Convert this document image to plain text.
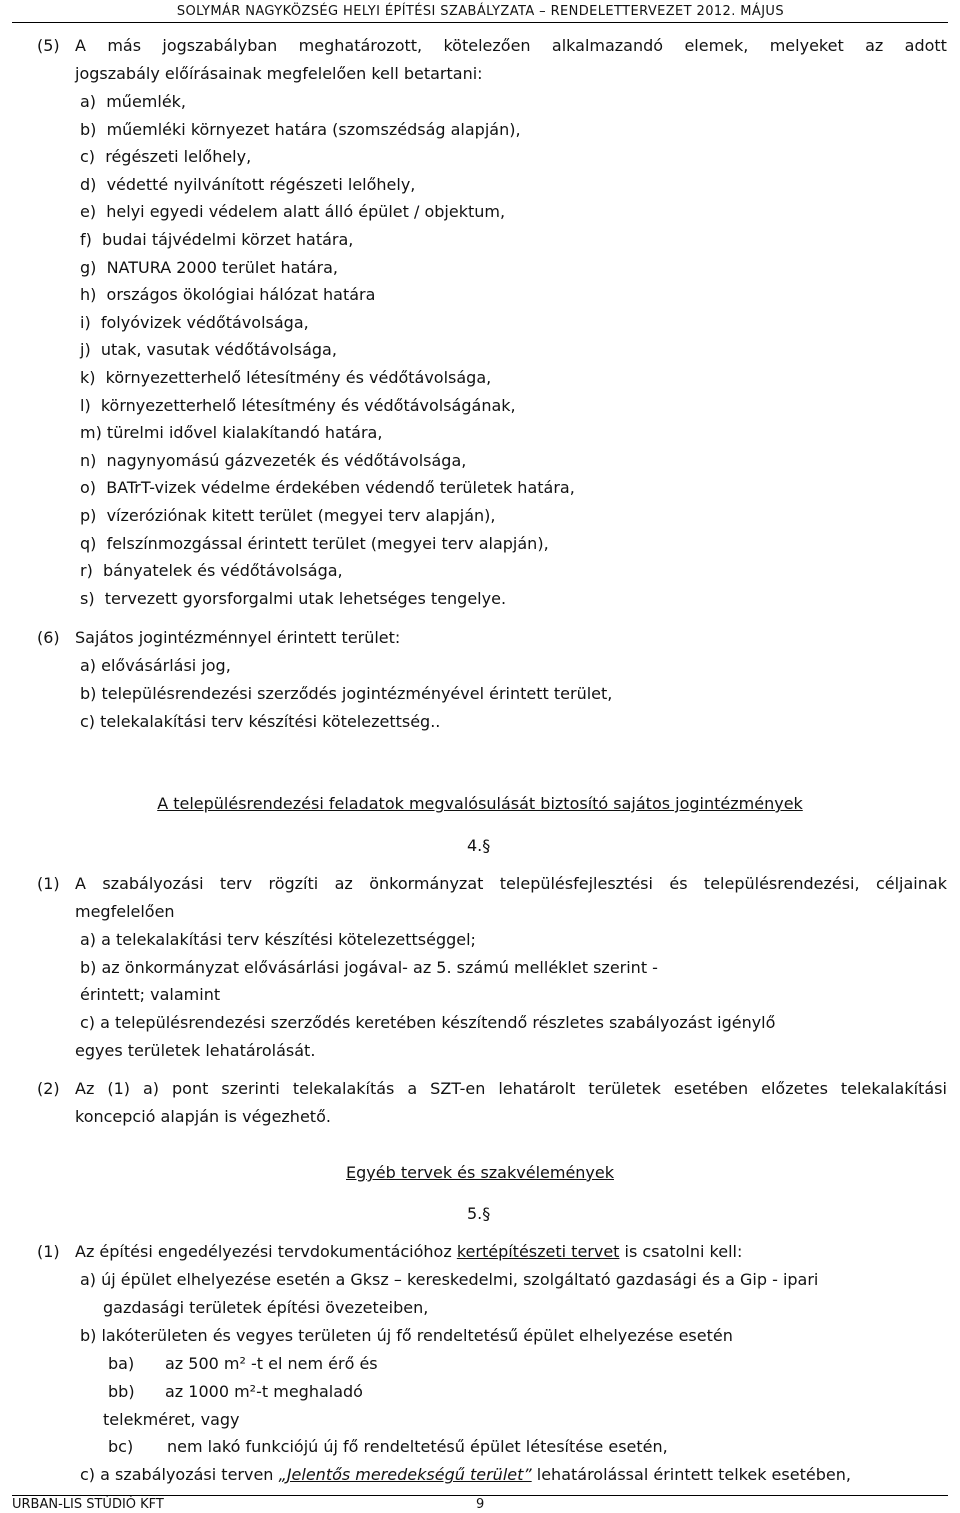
SOLYMÁR NAGYKÖZSÉG HELYI ÉPÍTÉSI SZABÁLYZATA – RENDELETTERVEZET 2012. MÁJUS
(5) A más jogszabályban meghatározott, kötelezően alkalmazandó elemek, melyeket az adott
jogszabály előírásainak megfelelően kell betartani:
a)  műemlék,
b)  műemléki környezet határa (szomszédság alapján),
c)  régészeti lelőhely,
d)  védetté nyilvánított régészeti lelőhely,
e)  helyi egyedi védelem alatt álló épület / objektum,
f)  budai tájvédelmi körzet határa,
g)  NATURA 2000 terület határa,
h)  országos ökológiai hálózat határa
i)  folyóvizek védőtávolsága,
j)  utak, vasutak védőtávolsága,
k)  környezetterhelő létesítmény és védőtávolsága,
l)  környezetterhelő létesítmény és védőtávolságának,
m) türelmi idővel kialakítandó határa,
n)  nagynyomású gázvezeték és védőtávolsága,
o)  BATrT-vizek védelme érdekében védendő területek határa,
p)  vízeróziónak kitett terület (megyei terv alapján),
q)  felszínmozgással érintett terület (megyei terv alapján),
r)  bányatelek és védőtávolsága,
s)  tervezett gyorsforgalmi utak lehetséges tengelye.
(6) Sajátos jogintézménnyel érintett terület:
a) elővásárlási jog,
b) településrendezési szerződés jogintézményével érintett terület,
c) telekalakítási terv készítési kötelezettség..
A településrendezési feladatok megvalósulását biztosító sajátos jogintézmények
4.§
(1) A szabályozási terv rögzíti az önkormányzat településfejlesztési és településrendezési, céljainak
megfelelően
a) a telekalakítási terv készítési kötelezettséggel;
b) az önkormányzat elővásárlási jogával- az 5. számú melléklet szerint -
érintett; valamint
c) a településrendezési szerződés keretében készítendő részletes szabályozást igénylő
egyes területek lehatárolását.
(2) Az (1) a) pont szerinti telekalakítás a SZT-en lehatárolt területek esetében előzetes telekalakítási
koncepció alapján is végezhető.
Egyéb tervek és szakvélemények
5.§
(1) Az építési engedélyezési tervdokumentációhoz kertépítészeti tervet is csatolni kell:
a) új épület elhelyezése esetén a Gksz – kereskedelmi, szolgáltató gazdasági és a Gip - ipari
gazdasági területek építési övezeteiben,
b) lakóterületen és vegyes területen új fő rendeltetésű épület elhelyezése esetén
ba) az 500 m² -t el nem érő és
bb) az 1000 m²-t meghaladó
telekméret, vagy
bc) nem lakó funkciójú új fő rendeltetésű épület létesítése esetén,
c) a szabályozási terven „Jelentős meredekségű terület” lehatárolással érintett telkek esetében,
URBAN-LIS STÚDIÓ KFT	9
